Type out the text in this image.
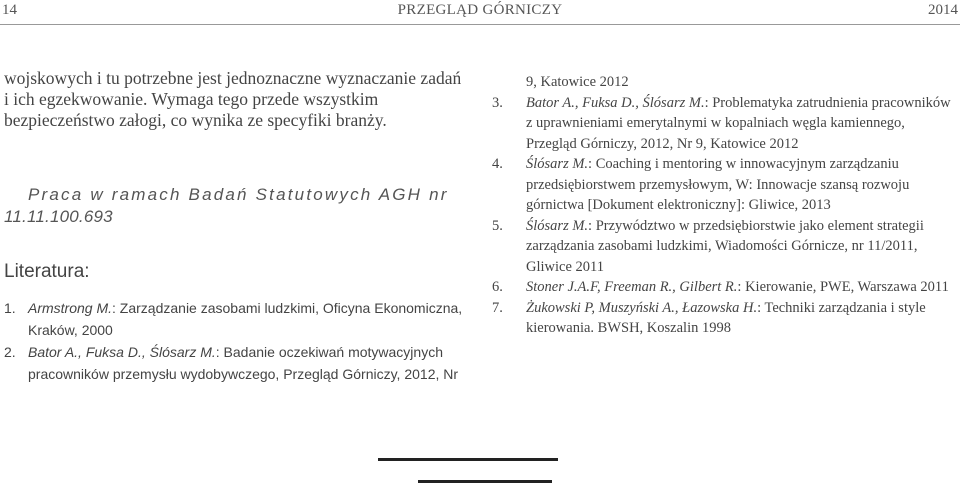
14	PRZEGLĄD GÓRNICZY	2014

wojskowych i tu potrzebne jest jednoznaczne wyznaczanie zadań i ich egzekwowanie. Wymaga tego przede wszystkim bezpieczeństwo załogi, co wynika ze specyfiki branży.

Praca w ramach Badań Statutowych AGH nr
11.11.100.693

Literatura:
1. Armstrong M.: Zarządzanie zasobami ludzkimi, Oficyna Ekonomiczna, Kraków, 2000
2. Bator A., Fuksa D., Ślósarz M.: Badanie oczekiwań motywacyjnych pracowników przemysłu wydobywczego, Przegląd Górniczy, 2012, Nr
9, Katowice 2012
3. Bator A., Fuksa D., Ślósarz M.: Problematyka zatrudnienia pracowników z uprawnieniami emerytalnymi w kopalniach węgla kamiennego, Przegląd Górniczy, 2012, Nr 9, Katowice 2012
4. Ślósarz M.: Coaching i mentoring w innowacyjnym zarządzaniu przedsiębiorstwem przemysłowym, W: Innowacje szansą rozwoju górnictwa [Dokument elektroniczny]: Gliwice, 2013
5. Ślósarz M.: Przywództwo w przedsiębiorstwie jako element strategii zarządzania zasobami ludzkimi, Wiadomości Górnicze, nr 11/2011, Gliwice 2011
6. Stoner J.A.F, Freeman R., Gilbert R.: Kierowanie, PWE, Warszawa 2011
7. Żukowski P, Muszyński A., Łazowska H.: Techniki zarządzania i style kierowania. BWSH, Koszalin 1998
